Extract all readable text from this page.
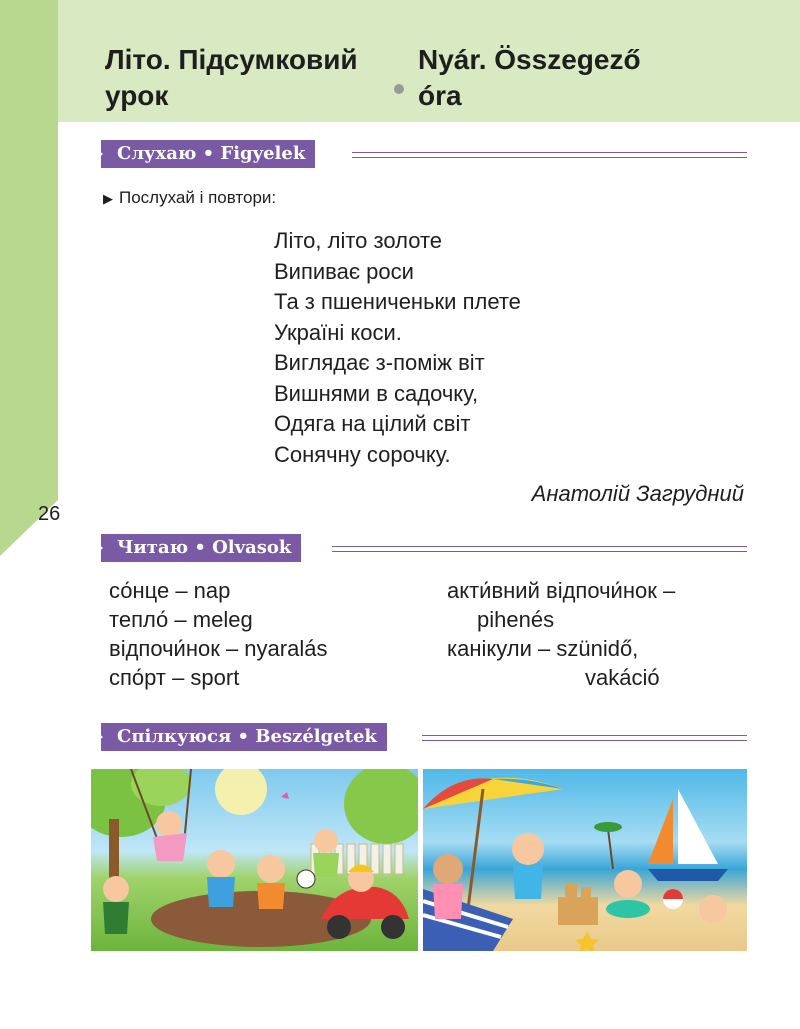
Літо. Підсумковий урок
Nyár. Összegező óra
Слухаю • Figyelek
▶ Послухай і повтори:
Літо, літо золоте
Випиває роси
Та з пшениченьки плете
Україні коси.
Виглядає з-поміж віт
Вишнями в садочку,
Одяга на цілий світ
Сонячну сорочку.
Анатолій Загрудний
26
Читаю • Olvasok
со́нце – nap
тепло́ – meleg
відпочи́нок – nyaralás
спо́рт – sport
акти́вний відпочи́нок –
pihenés
канікули – szünidő,
vakáció
Спілкуюся • Beszélgetek
